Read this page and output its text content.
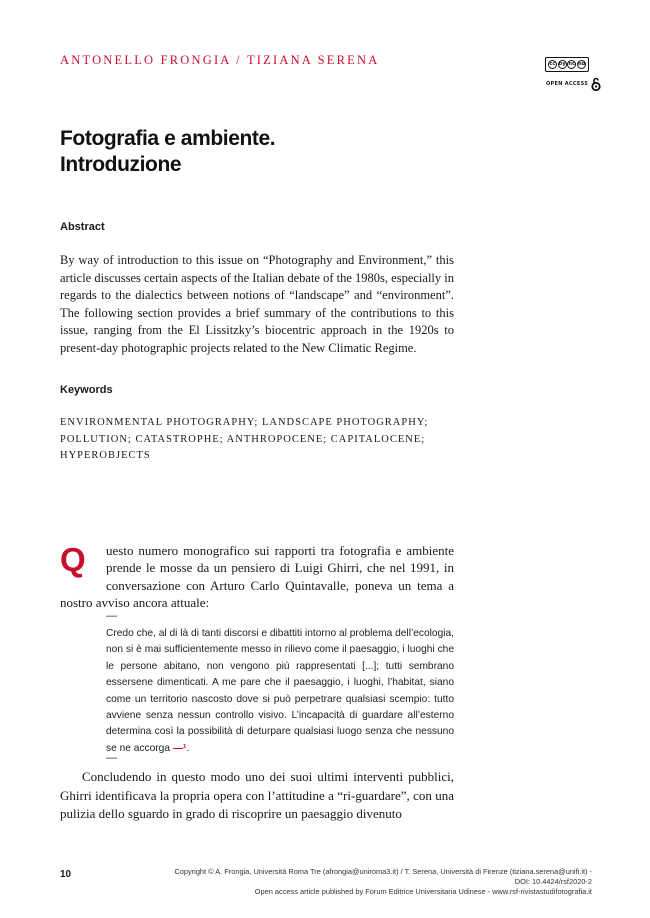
ANTONELLO FRONGIA / TIZIANA SERENA	cc by nc nd
OPEN ACCESS
Fotografia e ambiente.
Introduzione
Abstract
By way of introduction to this issue on “Photography and Environment,” this article discusses certain aspects of the Italian debate of the 1980s, especially in regards to the dialectics between notions of “landscape” and “environment”. The following section provides a brief summary of the contributions to this issue, ranging from the El Lissitzky’s biocentric approach in the 1920s to present-day photographic projects related to the New Climatic Regime.
Keywords
ENVIRONMENTAL PHOTOGRAPHY; LANDSCAPE PHOTOGRAPHY; POLLUTION; CATASTROPHE; ANTHROPOCENE; CAPITALOCENE; HYPEROBJECTS
Q	uesto numero monografico sui rapporti tra fotografia e ambiente prende le mosse da un pensiero di Luigi Ghirri, che nel 1991, in conversazione con Arturo Carlo Quintavalle, poneva un tema a nostro avviso ancora attuale:
—
Credo che, al di là di tanti discorsi e dibattiti intorno al problema dell’ecologia, non si è mai sufficientemente messo in rilievo come il paesaggio, i luoghi che le persone abitano, non vengono più rappresentati [...]; tutti sembrano essersene dimenticati. A me pare che il paesaggio, i luoghi, l’habitat, siano come un territorio nascosto dove si può perpetrare qualsiasi scempio: tutto avviene senza nessun controllo visivo. L’incapacità di guardare all’esterno determina così la possibilità di deturpare qualsiasi luogo senza che nessuno se ne accorga —¹.
—
Concludendo in questo modo uno dei suoi ultimi interventi pubblici, Ghirri identificava la propria opera con l’attitudine a “ri-guardare”, con una pulizia dello sguardo in grado di riscoprire un paesaggio divenuto
10	Copyright © A. Frongia, Università Roma Tre (afrongia@uniroma3.it) / T. Serena, Università di Firenze (tiziana.serena@unifi.it) -
DOI: 10.4424/rsf2020-2
Open access article published by Forum Editrice Universitaria Udinese - www.rsf-rivistastudifotografia.it
